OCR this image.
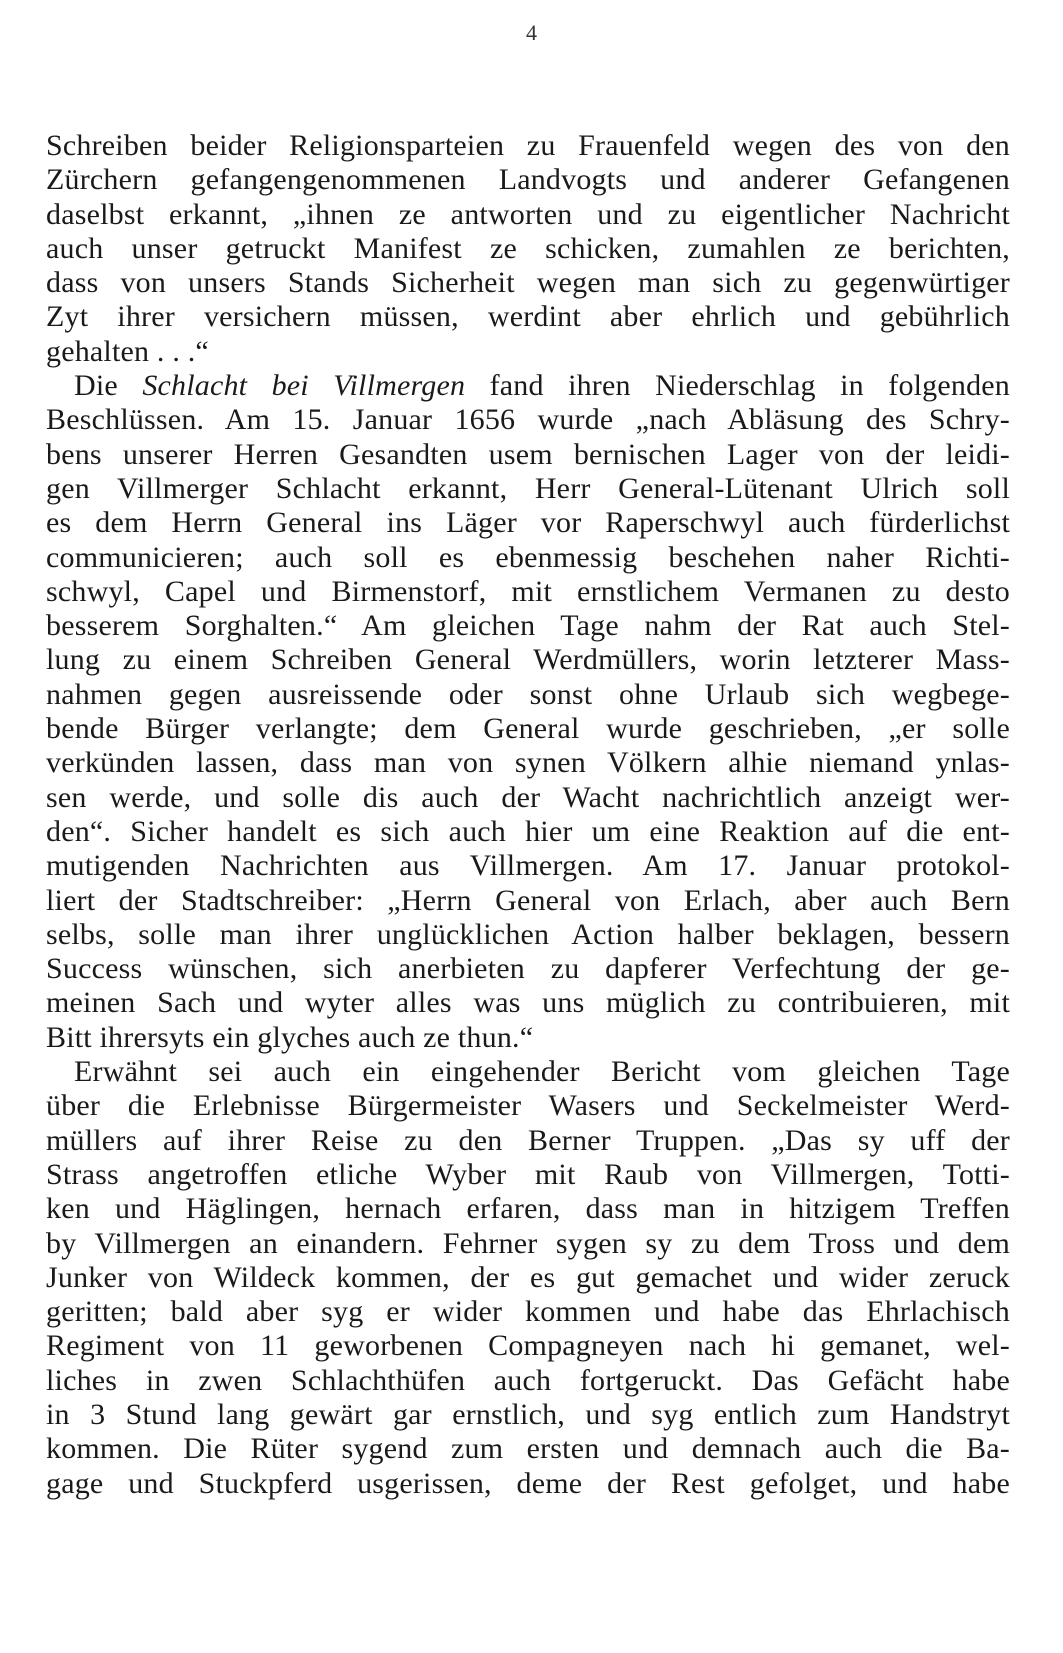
4
Schreiben beider Religionsparteien zu Frauenfeld wegen des von den
Zürchern gefangengenommenen Landvogts und anderer Gefangenen
daselbst erkannt, „ihnen ze antworten und zu eigentlicher Nachricht
auch unser getruckt Manifest ze schicken, zumahlen ze berichten,
dass von unsers Stands Sicherheit wegen man sich zu gegenwürtiger
Zyt ihrer versichern müssen, werdint aber ehrlich und gebührlich
gehalten . . .“
Die Schlacht bei Villmergen fand ihren Niederschlag in folgenden
Beschlüssen. Am 15. Januar 1656 wurde „nach Abläsung des Schry-
bens unserer Herren Gesandten usem bernischen Lager von der leidi-
gen Villmerger Schlacht erkannt, Herr General-Lütenant Ulrich soll
es dem Herrn General ins Läger vor Raperschwyl auch fürderlichst
communicieren; auch soll es ebenmessig beschehen naher Richti-
schwyl, Capel und Birmenstorf, mit ernstlichem Vermanen zu desto
besserem Sorghalten.“ Am gleichen Tage nahm der Rat auch Stel-
lung zu einem Schreiben General Werdmüllers, worin letzterer Mass-
nahmen gegen ausreissende oder sonst ohne Urlaub sich wegbege-
bende Bürger verlangte; dem General wurde geschrieben, „er solle
verkünden lassen, dass man von synen Völkern alhie niemand ynlas-
sen werde, und solle dis auch der Wacht nachrichtlich anzeigt wer-
den“. Sicher handelt es sich auch hier um eine Reaktion auf die ent-
mutigenden Nachrichten aus Villmergen. Am 17. Januar protokol-
liert der Stadtschreiber: „Herrn General von Erlach, aber auch Bern
selbs, solle man ihrer unglücklichen Action halber beklagen, bessern
Success wünschen, sich anerbieten zu dapferer Verfechtung der ge-
meinen Sach und wyter alles was uns müglich zu contribuieren, mit
Bitt ihrersyts ein glyches auch ze thun.“
Erwähnt sei auch ein eingehender Bericht vom gleichen Tage
über die Erlebnisse Bürgermeister Wasers und Seckelmeister Werd-
müllers auf ihrer Reise zu den Berner Truppen. „Das sy uff der
Strass angetroffen etliche Wyber mit Raub von Villmergen, Totti-
ken und Häglingen, hernach erfaren, dass man in hitzigem Treffen
by Villmergen an einandern. Fehrner sygen sy zu dem Tross und dem
Junker von Wildeck kommen, der es gut gemachet und wider zeruck
geritten; bald aber syg er wider kommen und habe das Ehrlachisch
Regiment von 11 geworbenen Compagneyen nach hi gemanet, wel-
liches in zwen Schlachthüfen auch fortgeruckt. Das Gefächt habe
in 3 Stund lang gewärt gar ernstlich, und syg entlich zum Handstryt
kommen. Die Rüter sygend zum ersten und demnach auch die Ba-
gage und Stuckpferd usgerissen, deme der Rest gefolget, und habe
